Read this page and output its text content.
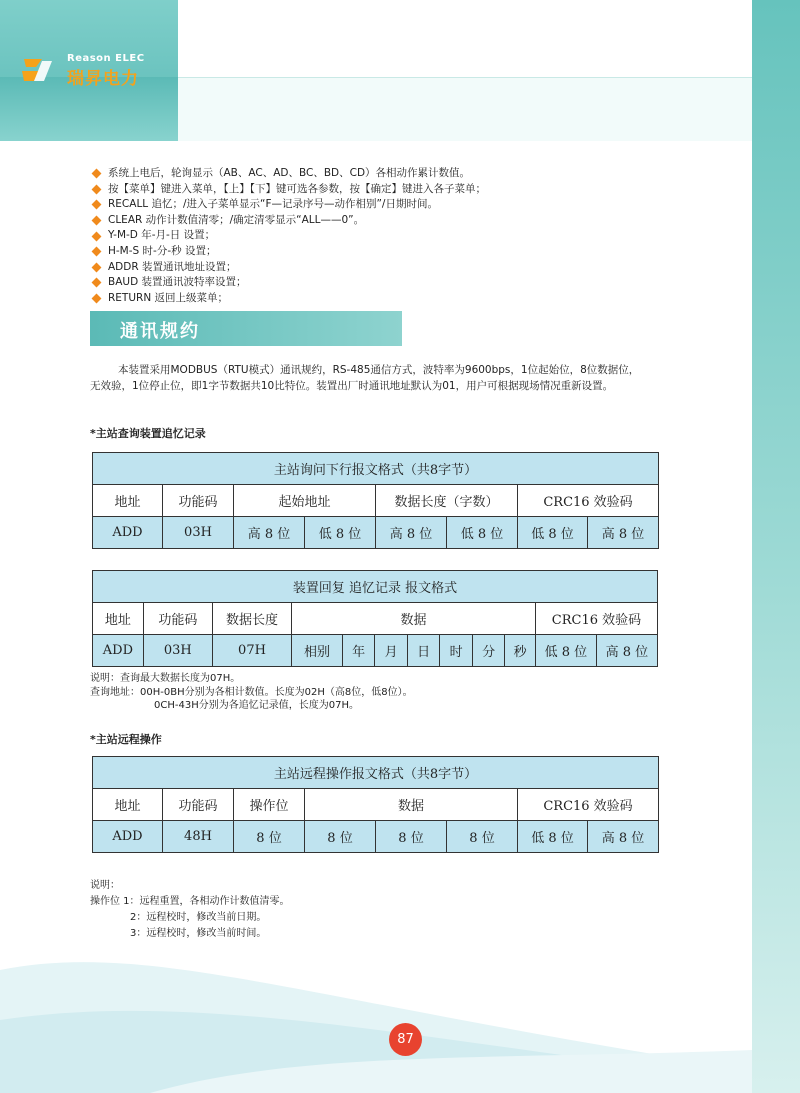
Reason ELEC
瑞昇电力
系统上电后，轮询显示（AB、AC、AD、BC、BD、CD）各相动作累计数值。
按【菜单】键进入菜单，【上】【下】键可选各参数，按【确定】键进入各子菜单；
RECALL 追忆；/进入子菜单显示“F—记录序号—动作相别”/日期时间。
CLEAR 动作计数值清零；/确定清零显示“ALL——0”。
Y-M-D 年-月-日 设置；
H-M-S 时-分-秒 设置；
ADDR 装置通讯地址设置；
BAUD 装置通讯波特率设置；
RETURN 返回上级菜单；
通讯规约
本装置采用MODBUS（RTU模式）通讯规约，RS-485通信方式，波特率为9600bps，1位起始位，8位数据位，
无效验，1位停止位，即1字节数据共10比特位。装置出厂时通讯地址默认为01，用户可根据现场情况重新设置。
*主站查询装置追忆记录
主站询问下行报文格式（共8字节）							
地址	功能码	起始地址		数据长度（字数）		CRC16 效验码	
ADD	03H	高 8 位	低 8 位	高 8 位	低 8 位	低 8 位	高 8 位
装置回复 追忆记录 报文格式											
地址	功能码	数据长度	数据							CRC16 效验码	
ADD	03H	07H	相别	年	月	日	时	分	秒	低 8 位	高 8 位
说明：查询最大数据长度为07H。
查询地址：00H-0BH分别为各相计数值。长度为02H（高8位，低8位）。
0CH-43H分别为各追忆记录值，长度为07H。
*主站远程操作
主站远程操作报文格式（共8字节）							
地址	功能码	操作位	数据			CRC16 效验码	
ADD	48H	8 位	8 位	8 位	8 位	低 8 位	高 8 位
说明：
操作位 1：远程重置，各相动作计数值清零。
2：远程校时，修改当前日期。
3：远程校时，修改当前时间。
87
